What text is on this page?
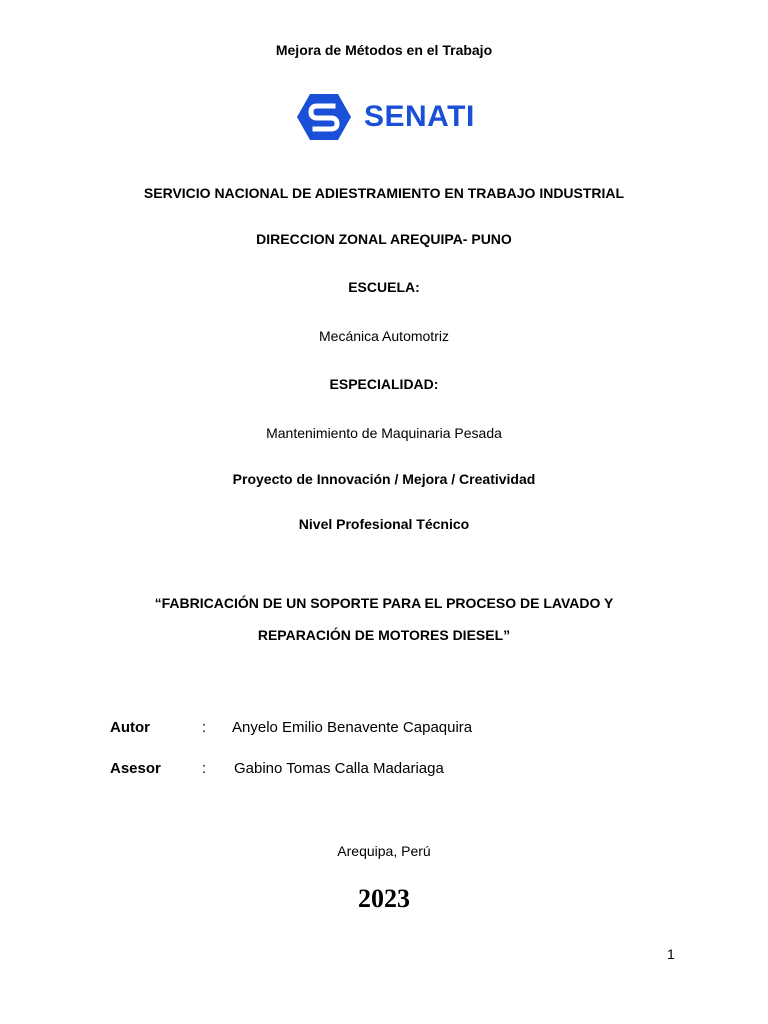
Mejora de Métodos en el Trabajo
SENATI
SERVICIO NACIONAL DE ADIESTRAMIENTO EN TRABAJO INDUSTRIAL
DIRECCION ZONAL AREQUIPA- PUNO
ESCUELA:
Mecánica Automotriz
ESPECIALIDAD:
Mantenimiento de Maquinaria Pesada
Proyecto de Innovación / Mejora / Creatividad
Nivel Profesional Técnico
“FABRICACIÓN DE UN SOPORTE PARA EL PROCESO DE LAVADO Y
REPARACIÓN DE MOTORES DIESEL”
Autor	: Anyelo Emilio Benavente Capaquira
Asesor	: Gabino Tomas Calla Madariaga
Arequipa, Perú
2023
1
